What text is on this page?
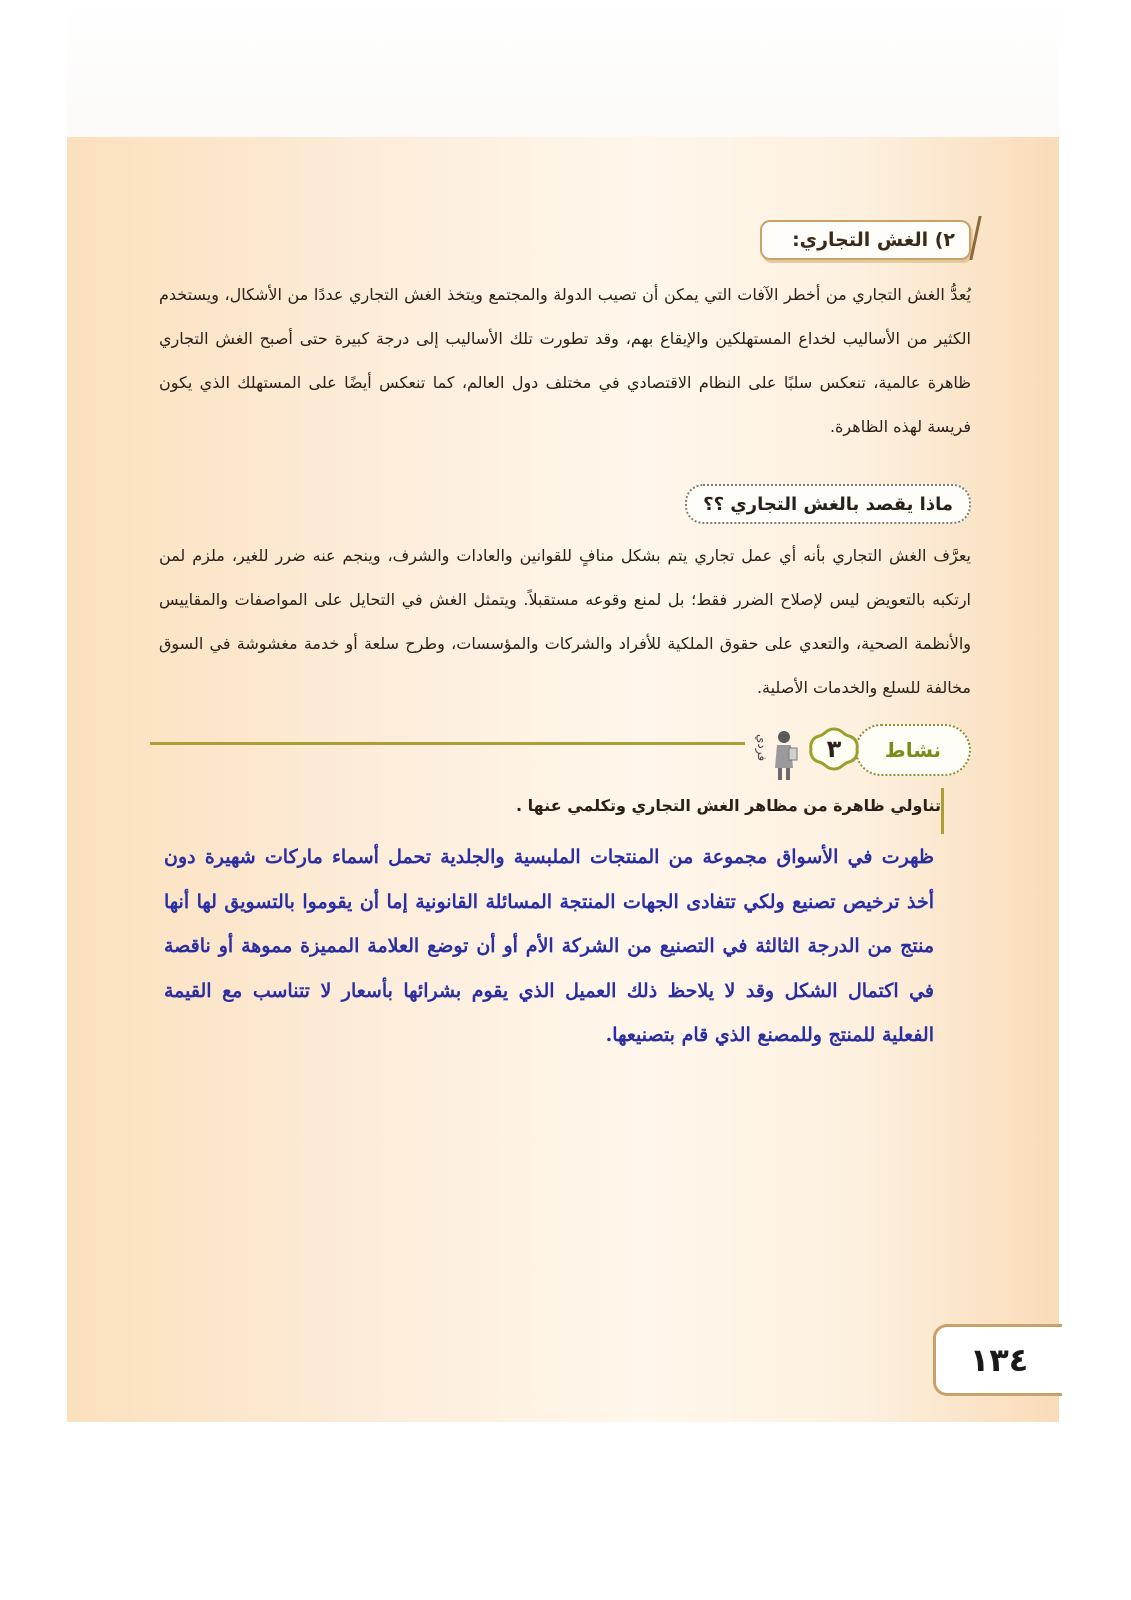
٢) الغش التجاري:
يُعدُّ الغش التجاري من أخطر الآفات التي يمكن أن تصيب الدولة والمجتمع ويتخذ الغش التجاري عددًا من الأشكال، ويستخدم الكثير من الأساليب لخداع المستهلكين والإيقاع بهم، وقد تطورت تلك الأساليب إلى درجة كبيرة حتى أصبح الغش التجاري ظاهرة عالمية، تنعكس سلبًا على النظام الاقتصادي في مختلف دول العالم، كما تنعكس أيضًا على المستهلك الذي يكون فريسة لهذه الظاهرة.
ماذا يقصد بالغش التجاري ؟؟
يعرَّف الغش التجاري بأنه أي عمل تجاري يتم بشكل منافٍ للقوانين والعادات والشرف، وينجم عنه ضرر للغير، ملزم لمن ارتكبه بالتعويض ليس لإصلاح الضرر فقط؛ بل لمنع وقوعه مستقبلاً. ويتمثل الغش في التحايل على المواصفات والمقاييس والأنظمة الصحية، والتعدي على حقوق الملكية للأفراد والشركات والمؤسسات، وطرح سلعة أو خدمة مغشوشة في السوق مخالفة للسلع والخدمات الأصلية.
نشاط
٣
فردي
تناولي ظاهرة من مظاهر الغش التجاري وتكلمي عنها .
ظهرت في الأسواق مجموعة من المنتجات الملبسية والجلدية تحمل أسماء ماركات شهيرة دون أخذ ترخيص تصنيع ولكي تتفادى الجهات المنتجة المسائلة القانونية إما أن يقوموا بالتسويق لها أنها منتج من الدرجة الثالثة في التصنيع من الشركة الأم أو أن توضع العلامة المميزة مموهة أو ناقصة في اكتمال الشكل وقد لا يلاحظ ذلك العميل الذي يقوم بشرائها بأسعار لا تتناسب مع القيمة الفعلية للمنتج وللمصنع الذي قام بتصنيعها.
١٣٤
